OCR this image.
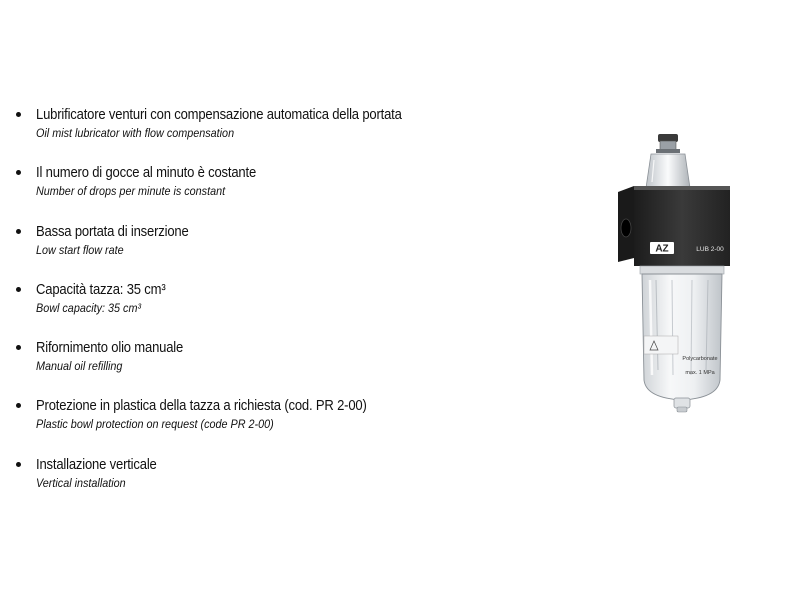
Lubrificatore venturi con compensazione automatica della portata
Oil mist lubricator with flow compensation
Il numero di gocce al minuto è costante
Number of drops per minute is constant
Bassa portata di inserzione
Low start flow rate
Capacità tazza: 35 cm³
Bowl capacity: 35 cm³
Rifornimento olio manuale
Manual oil refilling
Protezione in plastica della tazza a richiesta (cod. PR 2-00)
Plastic bowl protection on request (code PR 2-00)
Installazione verticale
Vertical installation
AZ	LUB 2-00
Polycarbonate
max. 1 MPa
